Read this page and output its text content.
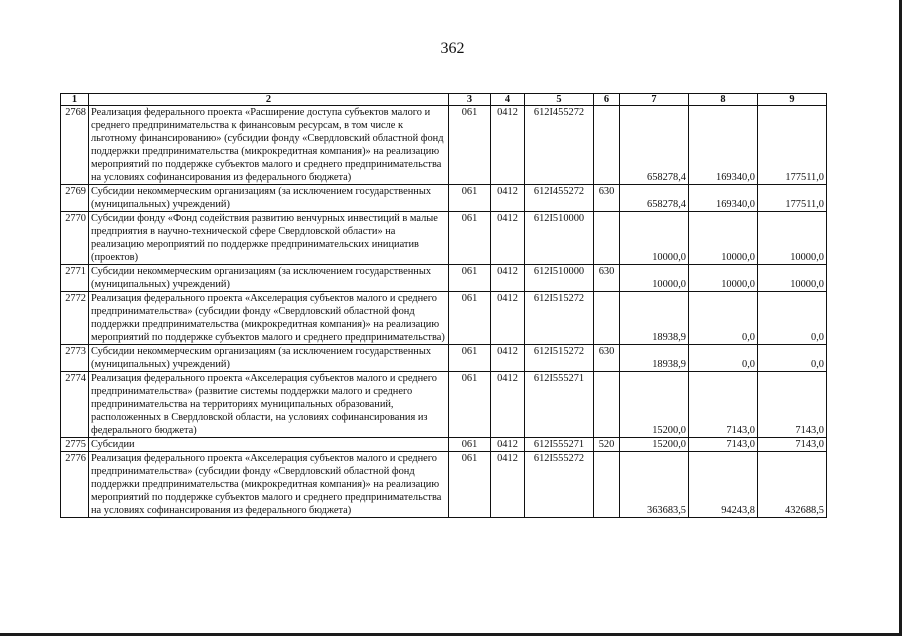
362
1	2	3	4	5	6	7	8	9
2768	Реализация федерального проекта «Расширение доступа субъектов малого и среднего предпринимательства к финансовым ресурсам, в том числе к льготному финансированию» (субсидии фонду «Свердловский областной фонд поддержки предпринимательства (микрокредитная компания)» на реализацию мероприятий по поддержке субъектов малого и среднего предпринимательства на условиях софинансирования из федерального бюджета)	061	0412	612I455272		658278,4	169340,0	177511,0
2769	Субсидии некоммерческим организациям (за исключением государственных (муниципальных) учреждений)	061	0412	612I455272	630	658278,4	169340,0	177511,0
2770	Субсидии фонду «Фонд содействия развитию венчурных инвестиций в малые предприятия в научно-технической сфере Свердловской области» на реализацию мероприятий по поддержке предпринимательских инициатив (проектов)	061	0412	612I510000		10000,0	10000,0	10000,0
2771	Субсидии некоммерческим организациям (за исключением государственных (муниципальных) учреждений)	061	0412	612I510000	630	10000,0	10000,0	10000,0
2772	Реализация федерального проекта «Акселерация субъектов малого и среднего предпринимательства» (субсидии фонду «Свердловский областной фонд поддержки предпринимательства (микрокредитная компания)» на реализацию мероприятий по поддержке субъектов малого и среднего предпринимательства)	061	0412	612I515272		18938,9	0,0	0,0
2773	Субсидии некоммерческим организациям (за исключением государственных (муниципальных) учреждений)	061	0412	612I515272	630	18938,9	0,0	0,0
2774	Реализация федерального проекта «Акселерация субъектов малого и среднего предпринимательства» (развитие системы поддержки малого и среднего предпринимательства на территориях муниципальных образований, расположенных в Свердловской области, на условиях софинансирования из федерального бюджета)	061	0412	612I555271		15200,0	7143,0	7143,0
2775	Субсидии	061	0412	612I555271	520	15200,0	7143,0	7143,0
2776	Реализация федерального проекта «Акселерация субъектов малого и среднего предпринимательства» (субсидии фонду «Свердловский областной фонд поддержки предпринимательства (микрокредитная компания)» на реализацию мероприятий по поддержке субъектов малого и среднего предпринимательства на условиях софинансирования из федерального бюджета)	061	0412	612I555272		363683,5	94243,8	432688,5
